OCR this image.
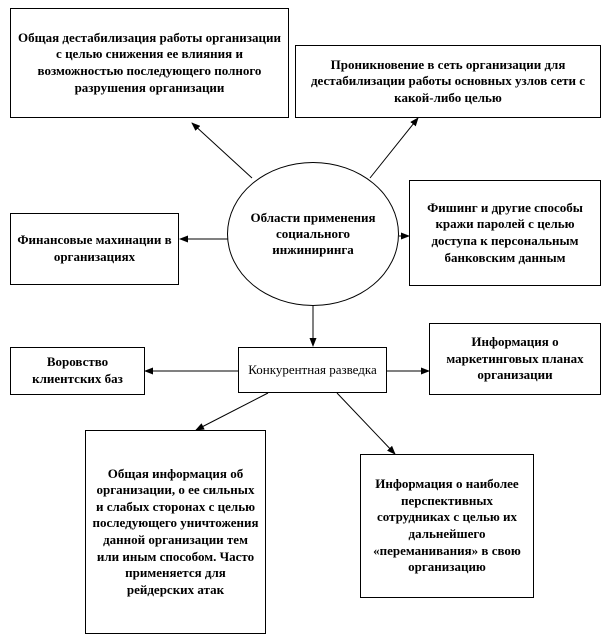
Общая дестабилизация работы организации с целью снижения ее влияния и возможностью последующего полного разрушения организации
Проникновение в сеть организации для дестабилизации работы основных узлов сети с какой-либо целью
Финансовые махинации в организациях
Фишинг и другие способы кражи паролей с целью доступа к персональным банковским данным
Области применения социального инжиниринга
Воровство клиентских баз
Конкурентная разведка
Информация о маркетинговых планах организации
Общая информация об организации, о ее сильных и слабых сторонах с целью последующего уничтожения данной организации тем или иным способом. Часто применяется для рейдерских атак
Информация о наиболее перспективных сотрудниках с целью их дальнейшего «переманивания» в свою организацию
